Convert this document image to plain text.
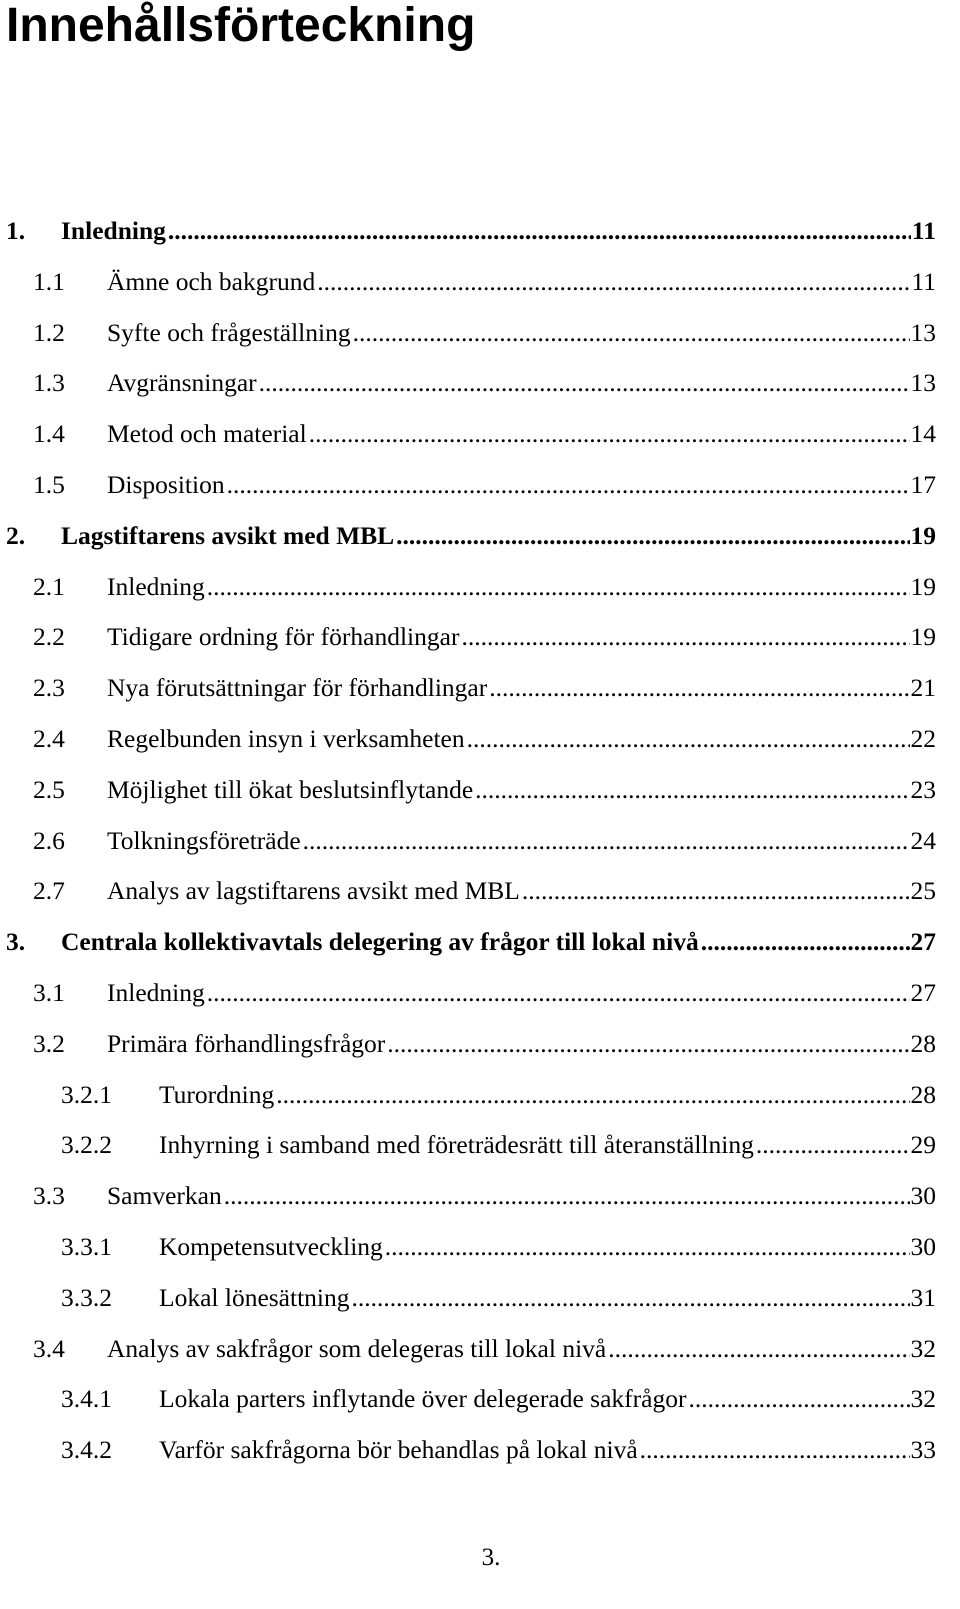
Innehållsförteckning
1. Inledning .....	11
1.1 Ämne och bakgrund .....	11
1.2 Syfte och frågeställning .....	13
1.3 Avgränsningar .....	13
1.4 Metod och material .....	14
1.5 Disposition .....	17
2. Lagstiftarens avsikt med MBL .....	19
2.1 Inledning .....	19
2.2 Tidigare ordning för förhandlingar .....	19
2.3 Nya förutsättningar för förhandlingar .....	21
2.4 Regelbunden insyn i verksamheten .....	22
2.5 Möjlighet till ökat beslutsinflytande .....	23
2.6 Tolkningsföreträde .....	24
2.7 Analys av lagstiftarens avsikt med MBL .....	25
3. Centrala kollektivavtals delegering av frågor till lokal nivå .....	27
3.1 Inledning .....	27
3.2 Primära förhandlingsfrågor .....	28
3.2.1 Turordning .....	28
3.2.2 Inhyrning i samband med företrädesrätt till återanställning .....	29
3.3 Samverkan .....	30
3.3.1 Kompetensutveckling .....	30
3.3.2 Lokal lönesättning .....	31
3.4 Analys av sakfrågor som delegeras till lokal nivå .....	32
3.4.1 Lokala parters inflytande över delegerade sakfrågor .....	32
3.4.2 Varför sakfrågorna bör behandlas på lokal nivå .....	33
3.
